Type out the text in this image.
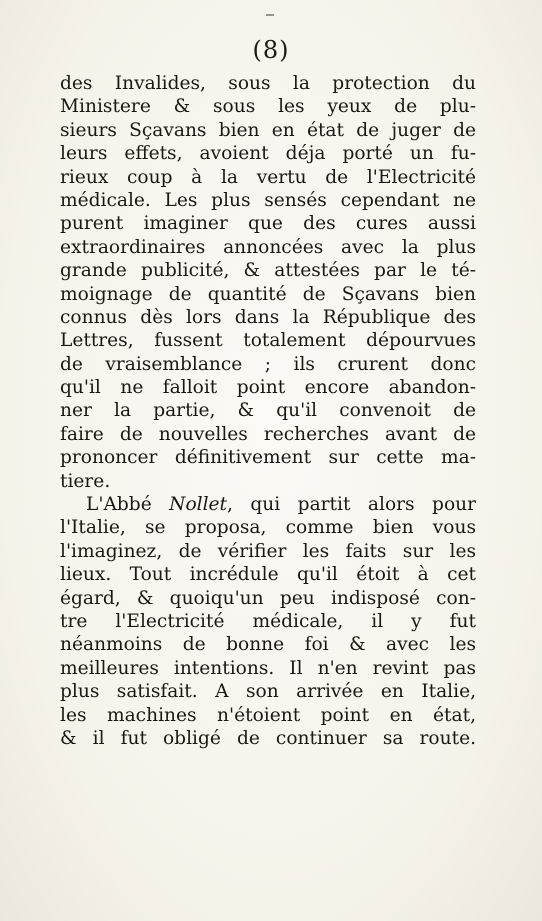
(8)
des Invalides, sous la protection du
Ministere & sous les yeux de plu-
sieurs Sçavans bien en état de juger de
leurs effets, avoient déja porté un fu-
rieux coup à la vertu de l'Electricité
médicale. Les plus sensés cependant ne
purent imaginer que des cures aussi
extraordinaires annoncées avec la plus
grande publicité, & attestées par le té-
moignage de quantité de Sçavans bien
connus dès lors dans la République des
Lettres, fussent totalement dépourvues
de vraisemblance ; ils crurent donc
qu'il ne falloit point encore abandon-
ner la partie, & qu'il convenoit de
faire de nouvelles recherches avant de
prononcer définitivement sur cette ma-
tiere.
L'Abbé Nollet, qui partit alors pour
l'Italie, se proposa, comme bien vous
l'imaginez, de vérifier les faits sur les
lieux. Tout incrédule qu'il étoit à cet
égard, & quoiqu'un peu indisposé con-
tre l'Electricité médicale, il y fut
néanmoins de bonne foi & avec les
meilleures intentions. Il n'en revint pas
plus satisfait. A son arrivée en Italie,
les machines n'étoient point en état,
& il fut obligé de continuer sa route.
